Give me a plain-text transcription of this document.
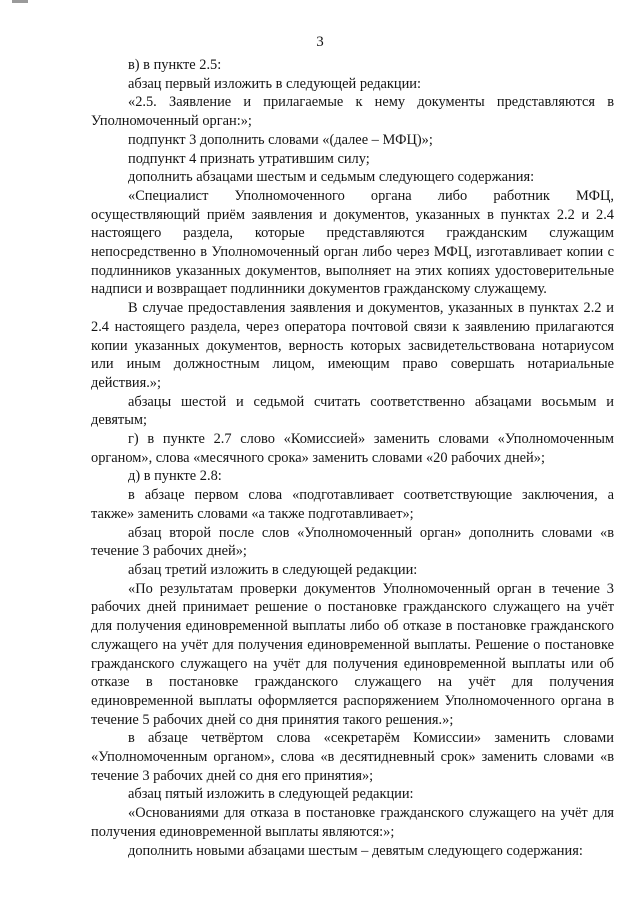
3

в) в пункте 2.5:

абзац первый изложить в следующей редакции:

«2.5. Заявление и прилагаемые к нему документы представляются в Уполномоченный орган:»;

подпункт 3 дополнить словами «(далее – МФЦ)»;

подпункт 4 признать утратившим силу;

дополнить абзацами шестым и седьмым следующего содержания:

«Специалист Уполномоченного органа либо работник МФЦ, осуществляющий приём заявления и документов, указанных в пунктах 2.2 и 2.4 настоящего раздела, которые представляются гражданским служащим непосредственно в Уполномоченный орган либо через МФЦ, изготавливает копии с подлинников указанных документов, выполняет на этих копиях удостоверительные надписи и возвращает подлинники документов гражданскому служащему.

В случае предоставления заявления и документов, указанных в пунктах 2.2 и 2.4 настоящего раздела, через оператора почтовой связи к заявлению прилагаются копии указанных документов, верность которых засвидетельствована нотариусом или иным должностным лицом, имеющим право совершать нотариальные действия.»;

абзацы шестой и седьмой считать соответственно абзацами восьмым и девятым;

г) в пункте 2.7 слово «Комиссией» заменить словами «Уполномоченным органом», слова «месячного срока» заменить словами «20 рабочих дней»;

д) в пункте 2.8:

в абзаце первом слова «подготавливает соответствующие заключения, а также» заменить словами «а также подготавливает»;

абзац второй после слов «Уполномоченный орган» дополнить словами «в течение 3 рабочих дней»;

абзац третий изложить в следующей редакции:

«По результатам проверки документов Уполномоченный орган в течение 3 рабочих дней принимает решение о постановке гражданского служащего на учёт для получения единовременной выплаты либо об отказе в постановке гражданского служащего на учёт для получения единовременной выплаты. Решение о постановке гражданского служащего на учёт для получения единовременной выплаты или об отказе в постановке гражданского служащего на учёт для получения единовременной выплаты оформляется распоряжением Уполномоченного органа в течение 5 рабочих дней со дня принятия такого решения.»;

в абзаце четвёртом слова «секретарём Комиссии» заменить словами «Уполномоченным органом», слова «в десятидневный срок» заменить словами «в течение 3 рабочих дней со дня его принятия»;

абзац пятый изложить в следующей редакции:

«Основаниями для отказа в постановке гражданского служащего на учёт для получения единовременной выплаты являются:»;

дополнить новыми абзацами шестым – девятым следующего содержания:
